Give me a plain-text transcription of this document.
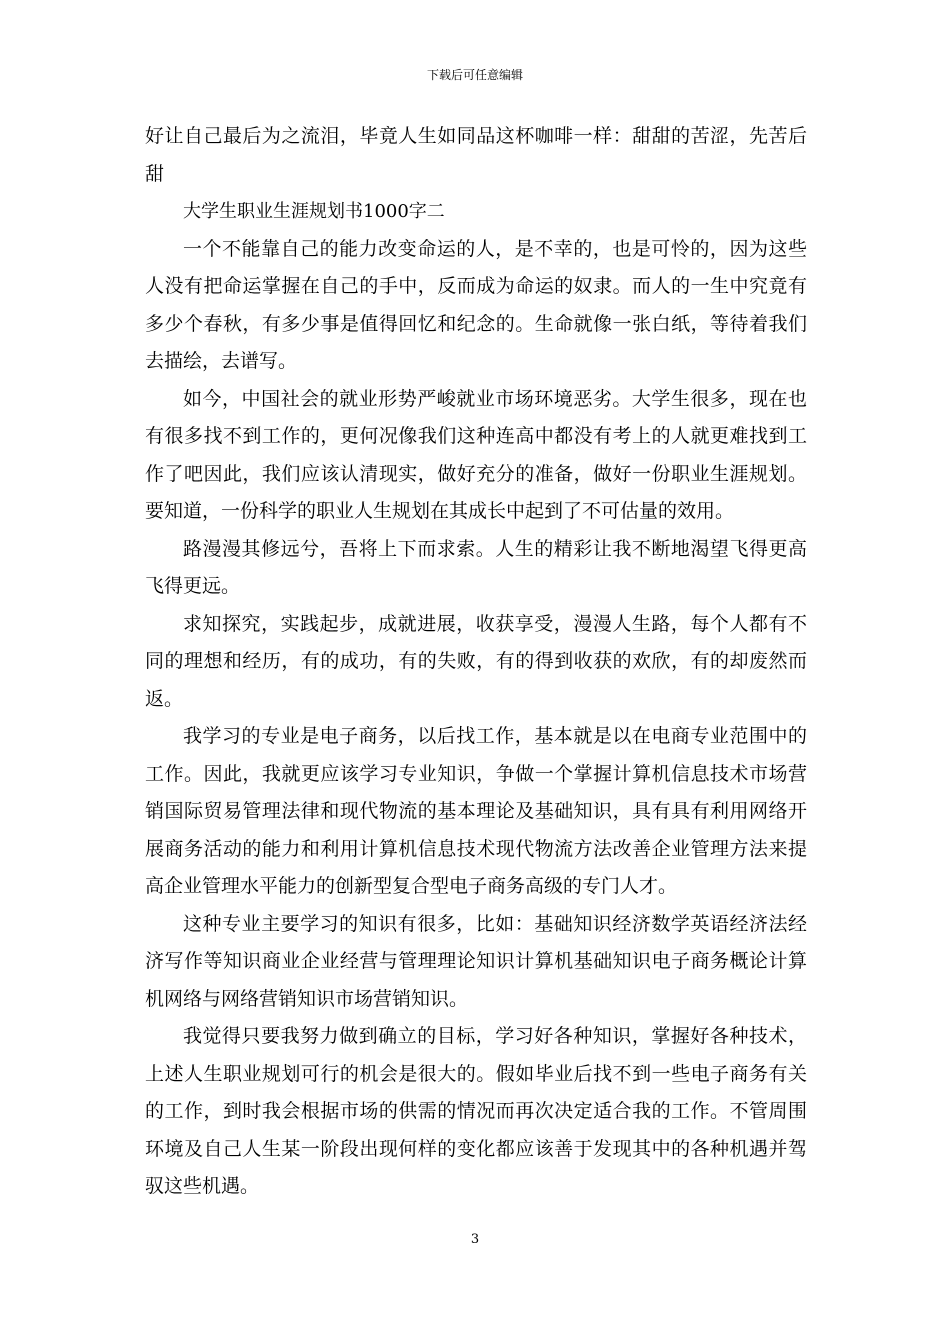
下载后可任意编辑

好让自己最后为之流泪，毕竟人生如同品这杯咖啡一样：甜甜的苦涩，先苦后甜

大学生职业生涯规划书1000字二

一个不能靠自己的能力改变命运的人，是不幸的，也是可怜的，因为这些人没有把命运掌握在自己的手中，反而成为命运的奴隶。而人的一生中究竟有多少个春秋，有多少事是值得回忆和纪念的。生命就像一张白纸，等待着我们去描绘，去谱写。

如今，中国社会的就业形势严峻就业市场环境恶劣。大学生很多，现在也有很多找不到工作的，更何况像我们这种连高中都没有考上的人就更难找到工作了吧因此，我们应该认清现实，做好充分的准备，做好一份职业生涯规划。要知道，一份科学的职业人生规划在其成长中起到了不可估量的效用。

路漫漫其修远兮，吾将上下而求索。人生的精彩让我不断地渴望飞得更高飞得更远。

求知探究，实践起步，成就进展，收获享受，漫漫人生路，每个人都有不同的理想和经历，有的成功，有的失败，有的得到收获的欢欣，有的却废然而返。

我学习的专业是电子商务，以后找工作，基本就是以在电商专业范围中的工作。因此，我就更应该学习专业知识，争做一个掌握计算机信息技术市场营销国际贸易管理法律和现代物流的基本理论及基础知识，具有具有利用网络开展商务活动的能力和利用计算机信息技术现代物流方法改善企业管理方法来提高企业管理水平能力的创新型复合型电子商务高级的专门人才。

这种专业主要学习的知识有很多，比如：基础知识经济数学英语经济法经济写作等知识商业企业经营与管理理论知识计算机基础知识电子商务概论计算机网络与网络营销知识市场营销知识。

我觉得只要我努力做到确立的目标，学习好各种知识，掌握好各种技术，上述人生职业规划可行的机会是很大的。假如毕业后找不到一些电子商务有关的工作，到时我会根据市场的供需的情况而再次决定适合我的工作。不管周围环境及自己人生某一阶段出现何样的变化都应该善于发现其中的各种机遇并驾驭这些机遇。

3
